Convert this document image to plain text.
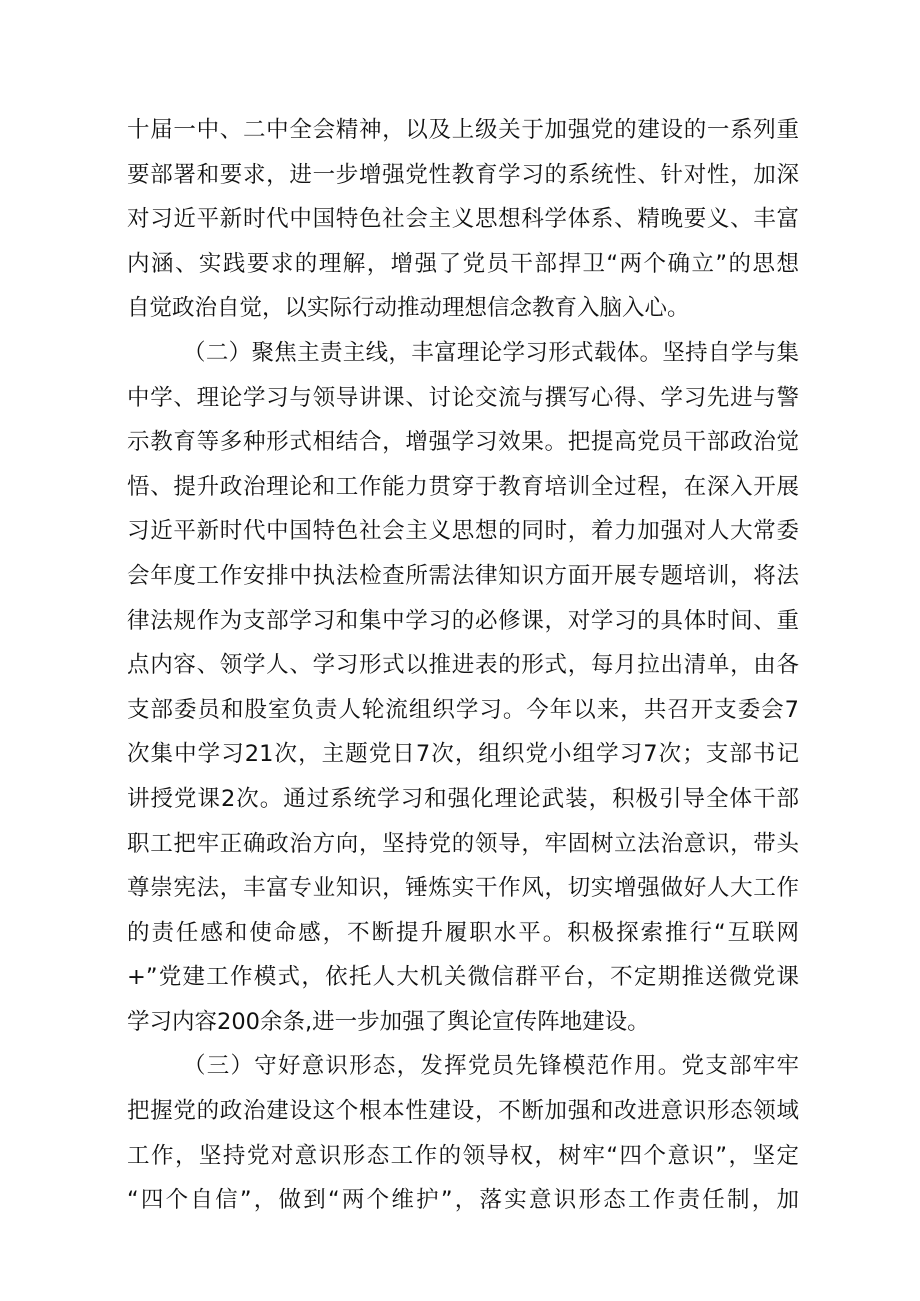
十届一中、二中全会精神，以及上级关于加强党的建设的一系列重
要部署和要求，进一步增强党性教育学习的系统性、针对性，加深
对习近平新时代中国特色社会主义思想科学体系、精晚要义、丰富
内涵、实践要求的理解，增强了党员干部捍卫“两个确立”的思想
自觉政治自觉，以实际行动推动理想信念教育入脑入心。
（二）聚焦主责主线，丰富理论学习形式载体。坚持自学与集
中学、理论学习与领导讲课、讨论交流与撰写心得、学习先进与警
示教育等多种形式相结合，增强学习效果。把提高党员干部政治觉
悟、提升政治理论和工作能力贯穿于教育培训全过程，在深入开展
习近平新时代中国特色社会主义思想的同时，着力加强对人大常委
会年度工作安排中执法检查所需法律知识方面开展专题培训，将法
律法规作为支部学习和集中学习的必修课，对学习的具体时间、重
点内容、领学人、学习形式以推进表的形式，每月拉出清单，由各
支部委员和股室负责人轮流组织学习。今年以来，共召开支委会7
次集中学习21次，主题党日7次，组织党小组学习7次；支部书记
讲授党课2次。通过系统学习和强化理论武装，积极引导全体干部
职工把牢正确政治方向，坚持党的领导，牢固树立法治意识，带头
尊崇宪法，丰富专业知识，锤炼实干作风，切实增强做好人大工作
的责任感和使命感，不断提升履职水平。积极探索推行“互联网
+”党建工作模式，依托人大机关微信群平台，不定期推送微党课
学习内容200余条,进一步加强了舆论宣传阵地建设。
（三）守好意识形态，发挥党员先锋模范作用。党支部牢牢
把握党的政治建设这个根本性建设，不断加强和改进意识形态领域
工作，坚持党对意识形态工作的领导权，树牢“四个意识”，坚定
“四个自信”，做到“两个维护”，落实意识形态工作责任制，加
